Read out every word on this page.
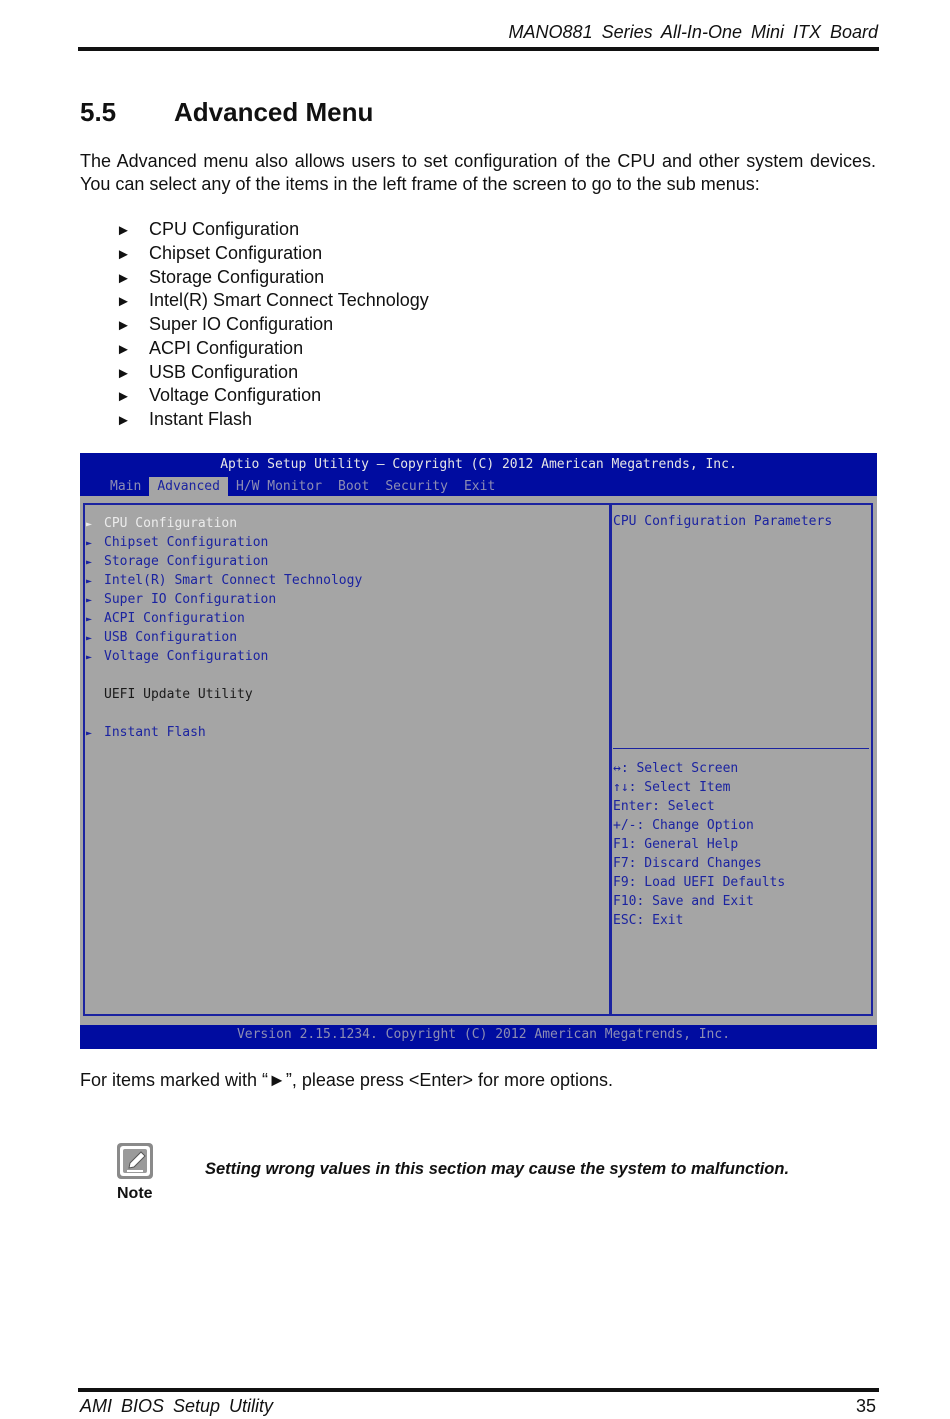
MANO881 Series All-In-One Mini ITX Board
5.5 Advanced Menu

The Advanced menu also allows users to set configuration of the CPU and other system devices. You can select any of the items in the left frame of the screen to go to the sub menus:

► CPU Configuration
► Chipset Configuration
► Storage Configuration
► Intel(R) Smart Connect Technology
► Super IO Configuration
► ACPI Configuration
► USB Configuration
► Voltage Configuration
► Instant Flash
Aptio Setup Utility – Copyright (C) 2012 American Megatrends, Inc.
Main	Advanced	H/W Monitor	Boot	Security	Exit
► CPU Configuration
► Chipset Configuration
► Storage Configuration
► Intel(R) Smart Connect Technology
► Super IO Configuration
► ACPI Configuration
► USB Configuration
► Voltage Configuration
UEFI Update Utility
► Instant Flash
CPU Configuration Parameters
↔: Select Screen
↑↓: Select Item
Enter: Select
+/-: Change Option
F1: General Help
F7: Discard Changes
F9: Load UEFI Defaults
F10: Save and Exit
ESC: Exit
Version 2.15.1234. Copyright (C) 2012 American Megatrends, Inc.
For items marked with “►”, please press <Enter> for more options.
Note
Setting wrong values in this section may cause the system to malfunction.
AMI BIOS Setup Utility	35
